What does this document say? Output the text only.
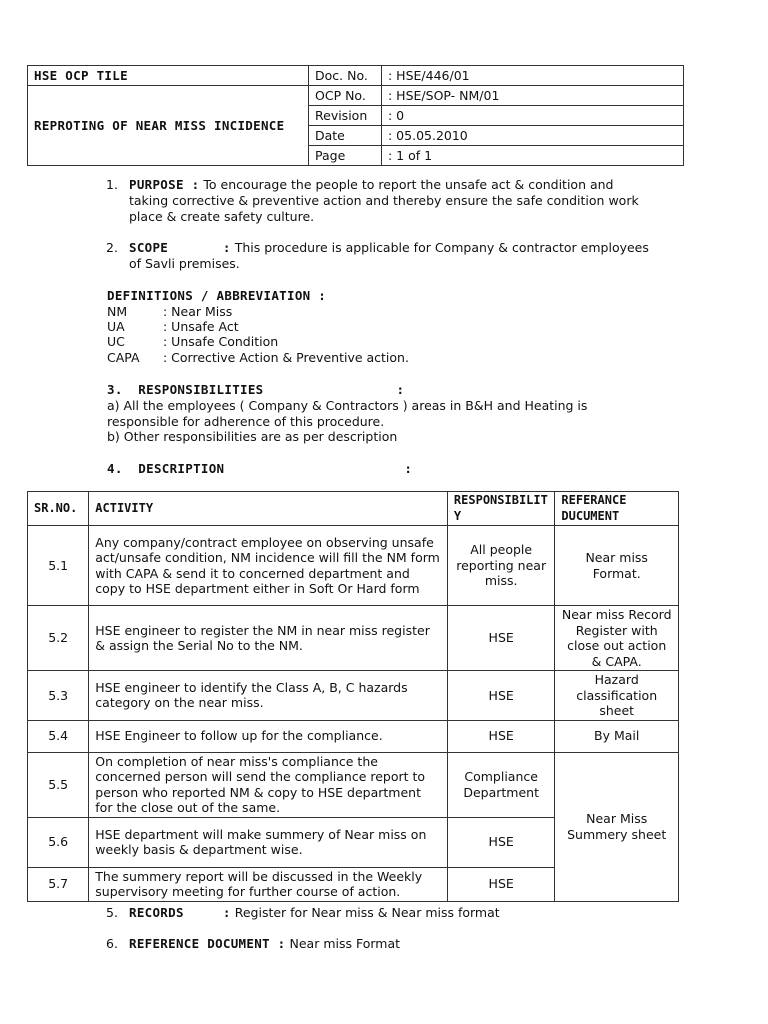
HSE OCP TILE	Doc. No.	: HSE/446/01
REPROTING OF NEAR MISS INCIDENCE	OCP No.	: HSE/SOP- NM/01
	Revision	: 0
	Date	: 05.05.2010
	Page	: 1 of 1
1. PURPOSE : To encourage the people to report the unsafe act & condition and taking corrective & preventive action and thereby ensure the safe condition work place & create safety culture.
2. SCOPE       : This procedure is applicable for Company & contractor employees of Savli premises.
DEFINITIONS / ABBREVIATION :
NM	: Near Miss
UA	: Unsafe Act
UC	: Unsafe Condition
CAPA : Corrective Action & Preventive action.
3.  RESPONSIBILITIES                 :
a) All the employees ( Company & Contractors ) areas in B&H and Heating is responsible for adherence of this procedure.
b) Other responsibilities are as per description
4.  DESCRIPTION                       :
SR.NO.	ACTIVITY	RESPONSIBILITY	REFERANCE DUCUMENT
5.1	Any company/contract employee on observing unsafe act/unsafe condition, NM incidence will fill the NM form with CAPA & send it to concerned department and copy to HSE department either in Soft Or Hard form	All people reporting near miss.	Near miss Format.
5.2	HSE engineer to register the NM in near miss register & assign the Serial No to the NM.	HSE	Near miss Record Register with close out action & CAPA.
5.3	HSE engineer to identify the Class A, B, C hazards category on the near miss.	HSE	Hazard classification sheet
5.4	HSE Engineer to follow up for the compliance.	HSE	By Mail
5.5	On completion of near miss's compliance the concerned person will send the compliance report to person who reported NM & copy to HSE department for the close out of the same.	Compliance Department	Near Miss Summery sheet
5.6	HSE department will make summery of Near miss on weekly basis & department wise.	HSE	
5.7	The summery report will be discussed in the Weekly supervisory meeting for further course of action.	HSE	
5. RECORDS     : Register for Near miss & Near miss format
6. REFERENCE DOCUMENT : Near miss Format
